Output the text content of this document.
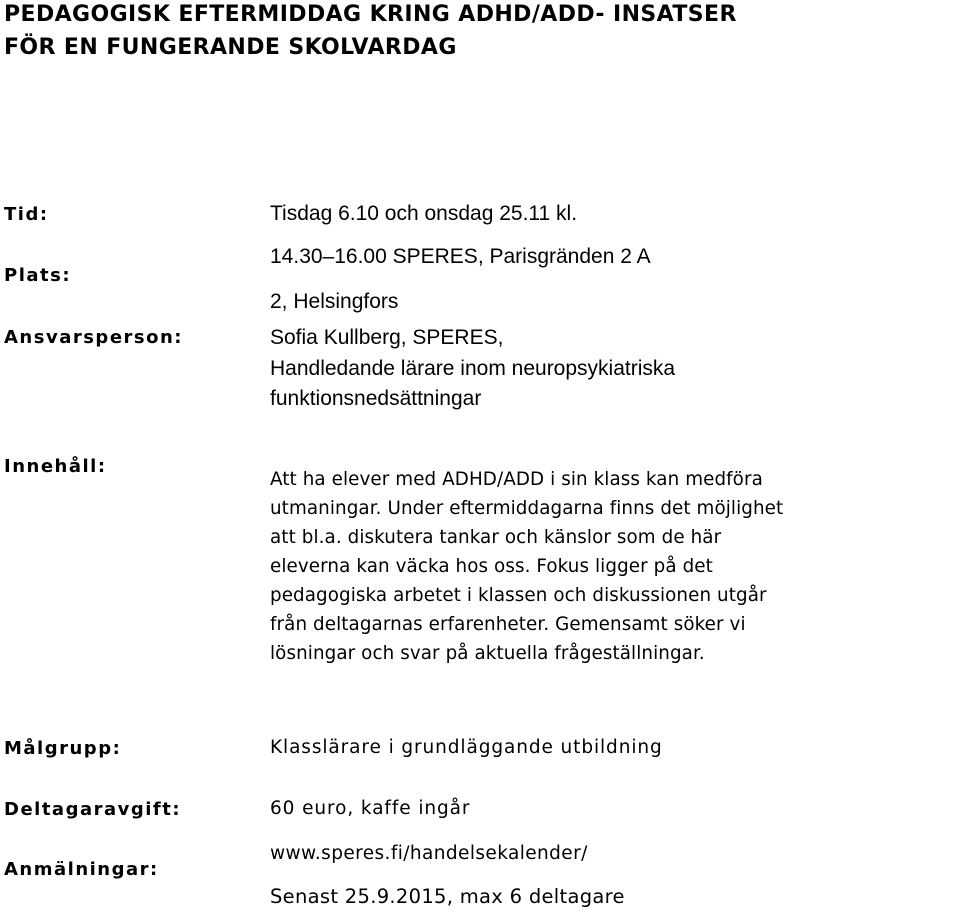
PEDAGOGISK EFTERMIDDAG KRING ADHD/ADD- INSATSER
FÖR EN FUNGERANDE SKOLVARDAG
Tid:
Plats:
Ansvarsperson:
Innehåll:
Målgrupp:
Deltagaravgift:
Anmälningar:
Tisdag 6.10 och onsdag 25.11 kl.
14.30–16.00 SPERES, Parisgränden 2 A
2, Helsingfors
Sofia Kullberg, SPERES,
Handledande lärare inom neuropsykiatriska
funktionsnedsättningar
Att ha elever med ADHD/ADD i sin klass kan medföra
utmaningar. Under eftermiddagarna finns det möjlighet
att bl.a. diskutera tankar och känslor som de här
eleverna kan väcka hos oss. Fokus ligger på det
pedagogiska arbetet i klassen och diskussionen utgår
från deltagarnas erfarenheter. Gemensamt söker vi
lösningar och svar på aktuella frågeställningar.
Klasslärare i grundläggande utbildning
60 euro, kaffe ingår
www.speres.fi/handelsekalender/
Senast 25.9.2015, max 6 deltagare
